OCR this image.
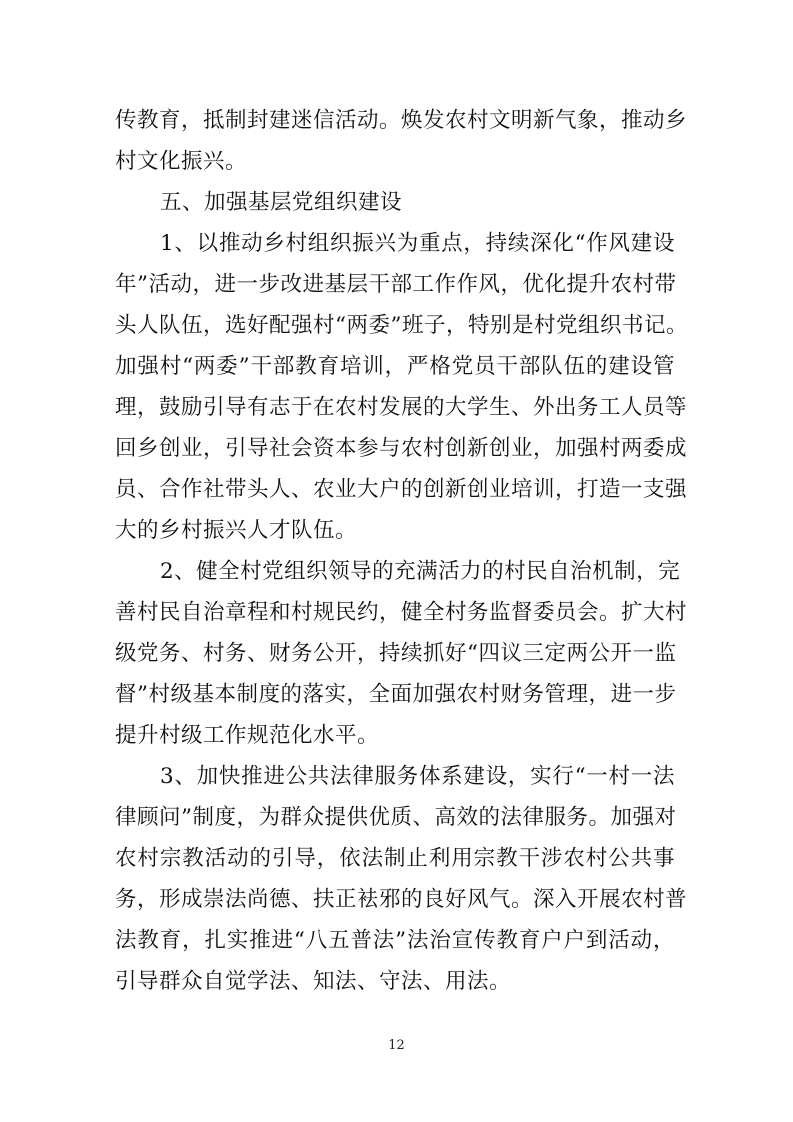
传教育，抵制封建迷信活动。焕发农村文明新气象，推动乡
村文化振兴。
五、加强基层党组织建设
1、以推动乡村组织振兴为重点，持续深化“作风建设
年”活动，进一步改进基层干部工作作风，优化提升农村带
头人队伍，选好配强村“两委”班子，特别是村党组织书记。
加强村“两委”干部教育培训，严格党员干部队伍的建设管
理，鼓励引导有志于在农村发展的大学生、外出务工人员等
回乡创业，引导社会资本参与农村创新创业，加强村两委成
员、合作社带头人、农业大户的创新创业培训，打造一支强
大的乡村振兴人才队伍。
2、健全村党组织领导的充满活力的村民自治机制，完
善村民自治章程和村规民约，健全村务监督委员会。扩大村
级党务、村务、财务公开，持续抓好“四议三定两公开一监
督”村级基本制度的落实，全面加强农村财务管理，进一步
提升村级工作规范化水平。
3、加快推进公共法律服务体系建设，实行“一村一法
律顾问”制度，为群众提供优质、高效的法律服务。加强对
农村宗教活动的引导，依法制止利用宗教干涉农村公共事
务，形成崇法尚德、扶正袪邪的良好风气。深入开展农村普
法教育，扎实推进“八五普法”法治宣传教育户户到活动，
引导群众自觉学法、知法、守法、用法。
12
